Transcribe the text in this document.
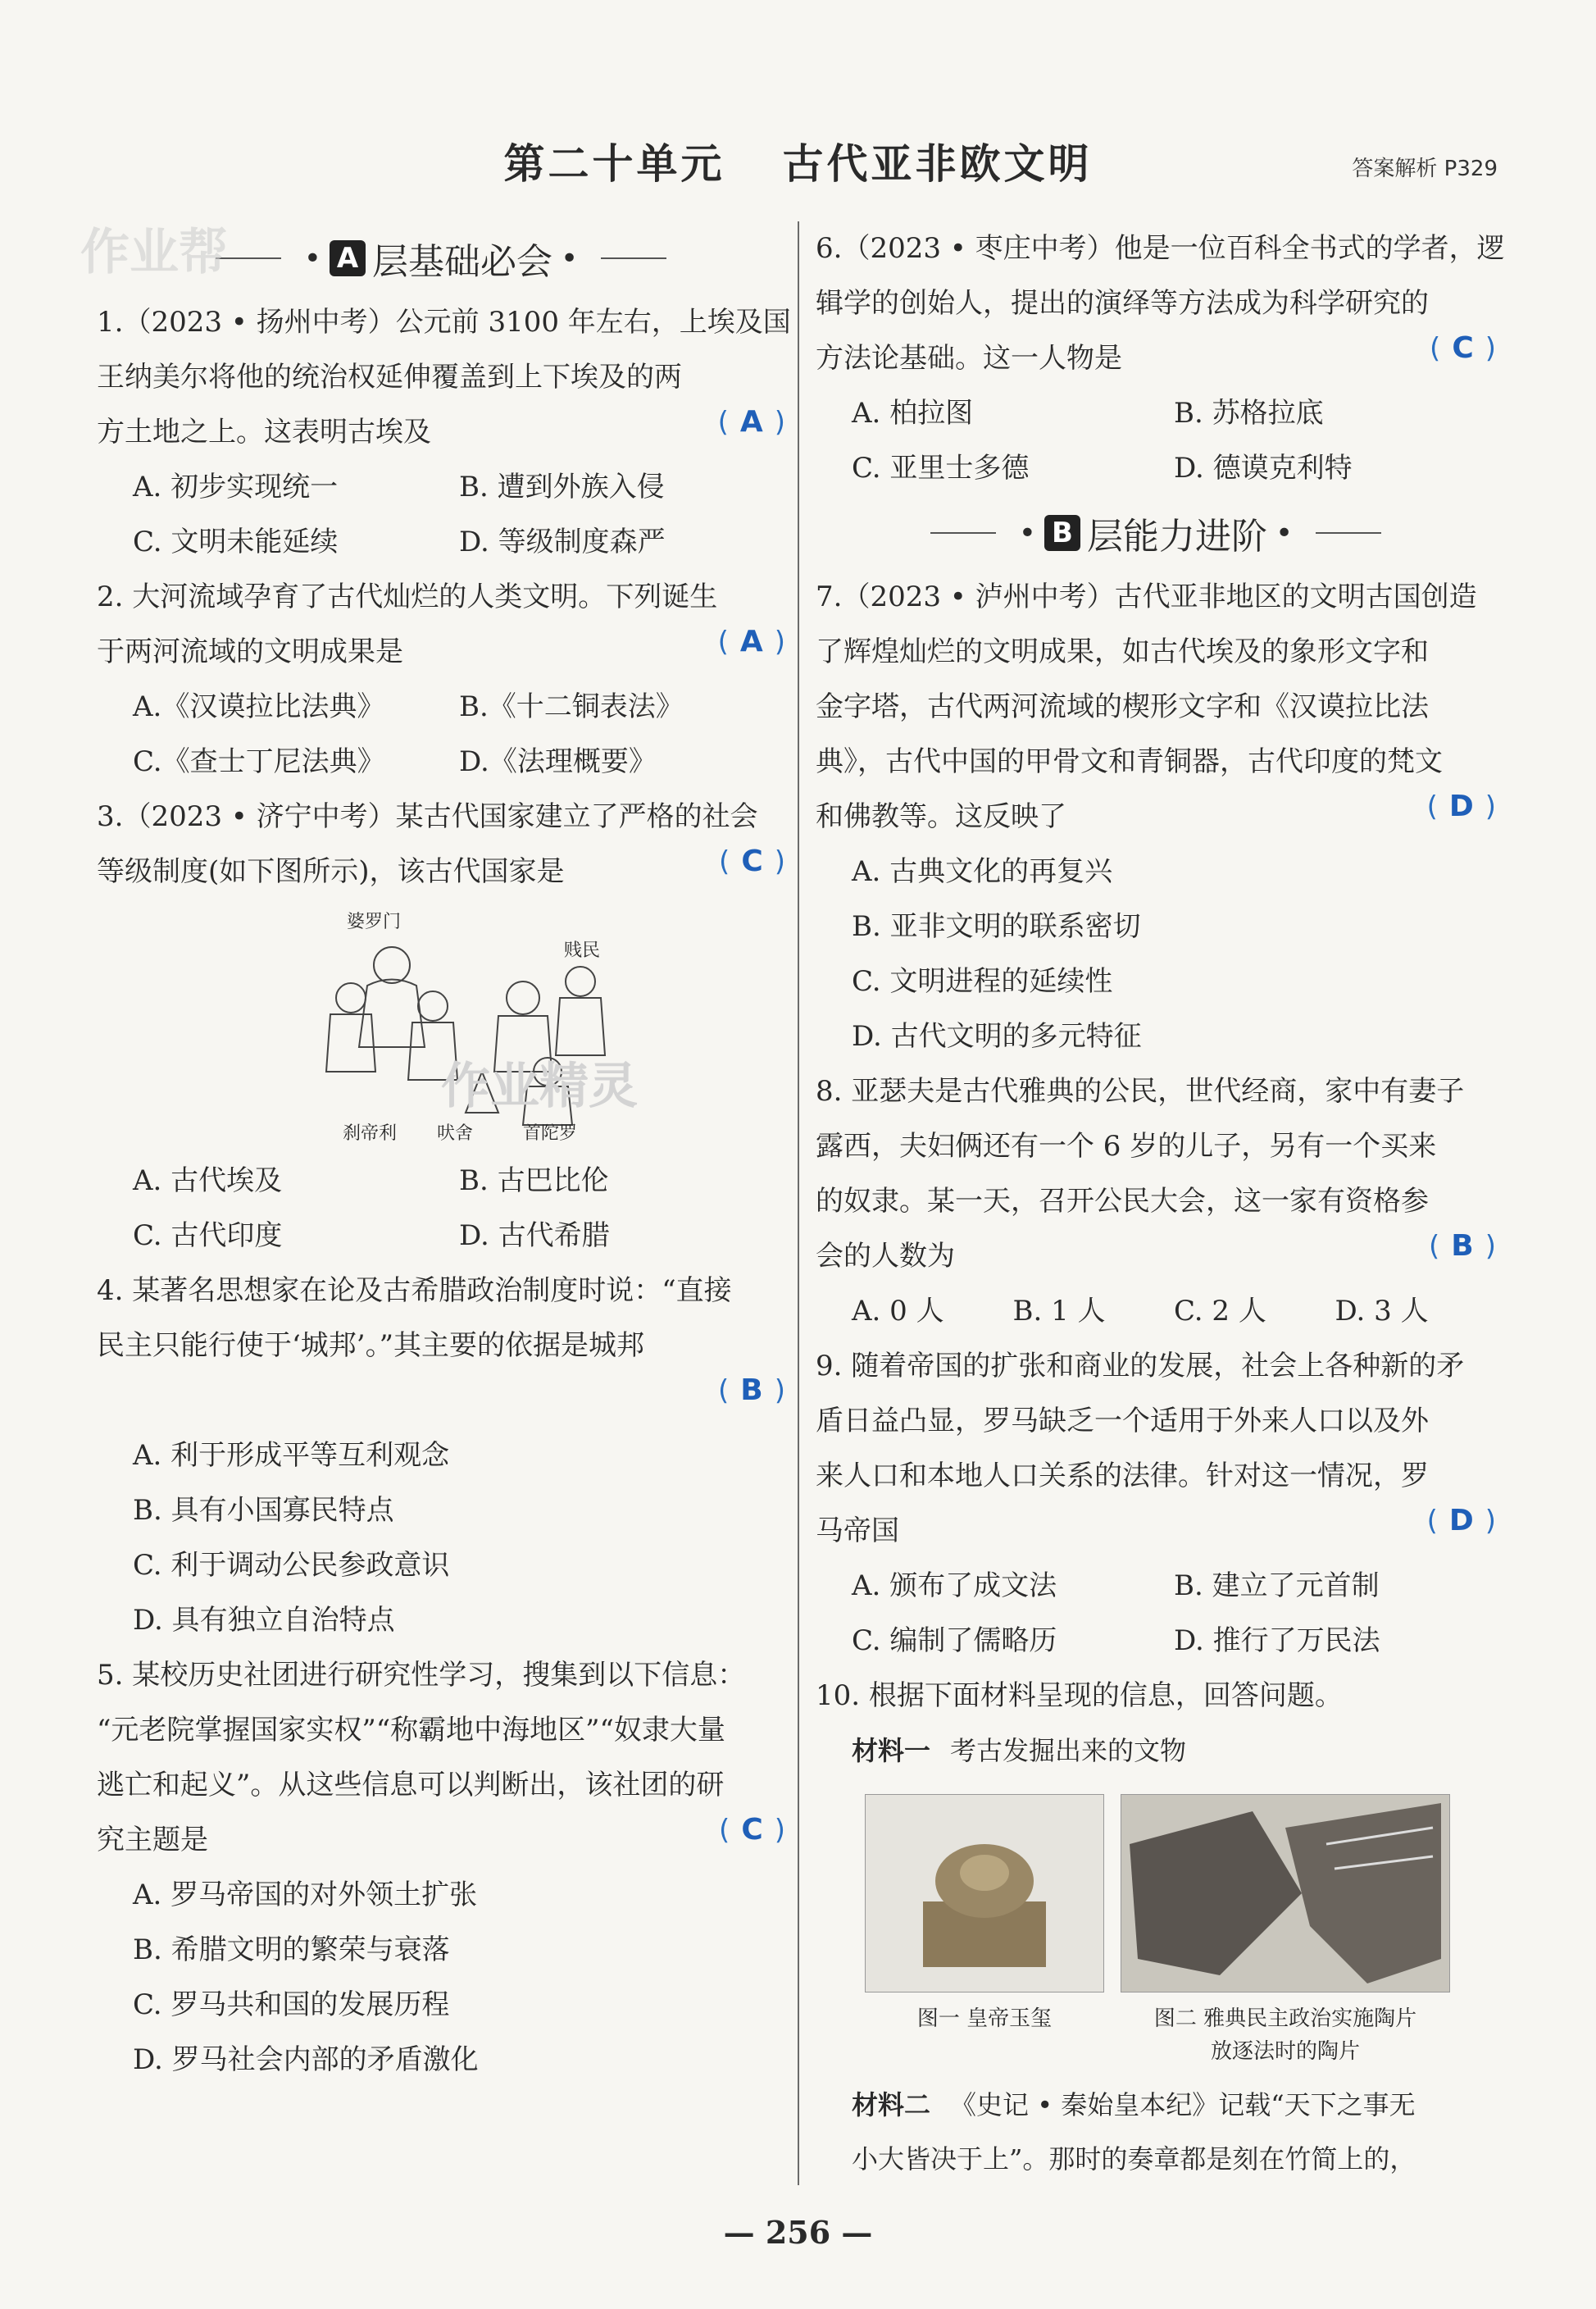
第二十单元 古代亚非欧文明	答案解析 P329
作业帮	• A 层基础必会 •
1.（2023 • 扬州中考）公元前 3100 年左右，上埃及国
王纳美尔将他的统治权延伸覆盖到上下埃及的两
方土地之上。这表明古埃及	( A )
A. 初步实现统一	B. 遭到外族入侵
C. 文明未能延续	D. 等级制度森严
2. 大河流域孕育了古代灿烂的人类文明。下列诞生
于两河流域的文明成果是	( A )
A.《汉谟拉比法典》	B.《十二铜表法》
C.《查士丁尼法典》	D.《法理概要》
3.（2023 • 济宁中考）某古代国家建立了严格的社会
等级制度(如下图所示)，该古代国家是	( C )
婆罗门
刹帝利 吠舍	首陀罗
贱民
作业精灵
A. 古代埃及	B. 古巴比伦
C. 古代印度	D. 古代希腊
4. 某著名思想家在论及古希腊政治制度时说：“直接
民主只能行使于‘城邦’。”其主要的依据是城邦

( B )
A. 利于形成平等互利观念
B. 具有小国寡民特点
C. 利于调动公民参政意识
D. 具有独立自治特点
5. 某校历史社团进行研究性学习，搜集到以下信息：
“元老院掌握国家实权”“称霸地中海地区”“奴隶大量
逃亡和起义”。从这些信息可以判断出，该社团的研
究主题是	( C )
A. 罗马帝国的对外领土扩张
B. 希腊文明的繁荣与衰落
C. 罗马共和国的发展历程
D. 罗马社会内部的矛盾激化
6.（2023 • 枣庄中考）他是一位百科全书式的学者，逻
辑学的创始人，提出的演绎等方法成为科学研究的
方法论基础。这一人物是	( C )
A. 柏拉图	B. 苏格拉底
C. 亚里士多德	D. 德谟克利特
• B 层能力进阶 •
7.（2023 • 泸州中考）古代亚非地区的文明古国创造
了辉煌灿烂的文明成果，如古代埃及的象形文字和
金字塔，古代两河流域的楔形文字和《汉谟拉比法
典》，古代中国的甲骨文和青铜器，古代印度的梵文
和佛教等。这反映了	( D )
A. 古典文化的再复兴
B. 亚非文明的联系密切
C. 文明进程的延续性
D. 古代文明的多元特征
8. 亚瑟夫是古代雅典的公民，世代经商，家中有妻子
露西，夫妇俩还有一个 6 岁的儿子，另有一个买来
的奴隶。某一天，召开公民大会，这一家有资格参
会的人数为	( B )
A. 0 人	B. 1 人	C. 2 人	D. 3 人
9. 随着帝国的扩张和商业的发展，社会上各种新的矛
盾日益凸显，罗马缺乏一个适用于外来人口以及外
来人口和本地人口关系的法律。针对这一情况，罗
马帝国	( D )
A. 颁布了成文法	B. 建立了元首制
C. 编制了儒略历	D. 推行了万民法
10. 根据下面材料呈现的信息，回答问题。
材料一 考古发掘出来的文物
图一 皇帝玉玺	图二 雅典民主政治实施陶片
放逐法时的陶片
材料二 《史记 • 秦始皇本纪》记载“天下之事无
小大皆决于上”。那时的奏章都是刻在竹简上的，
— 256 —
